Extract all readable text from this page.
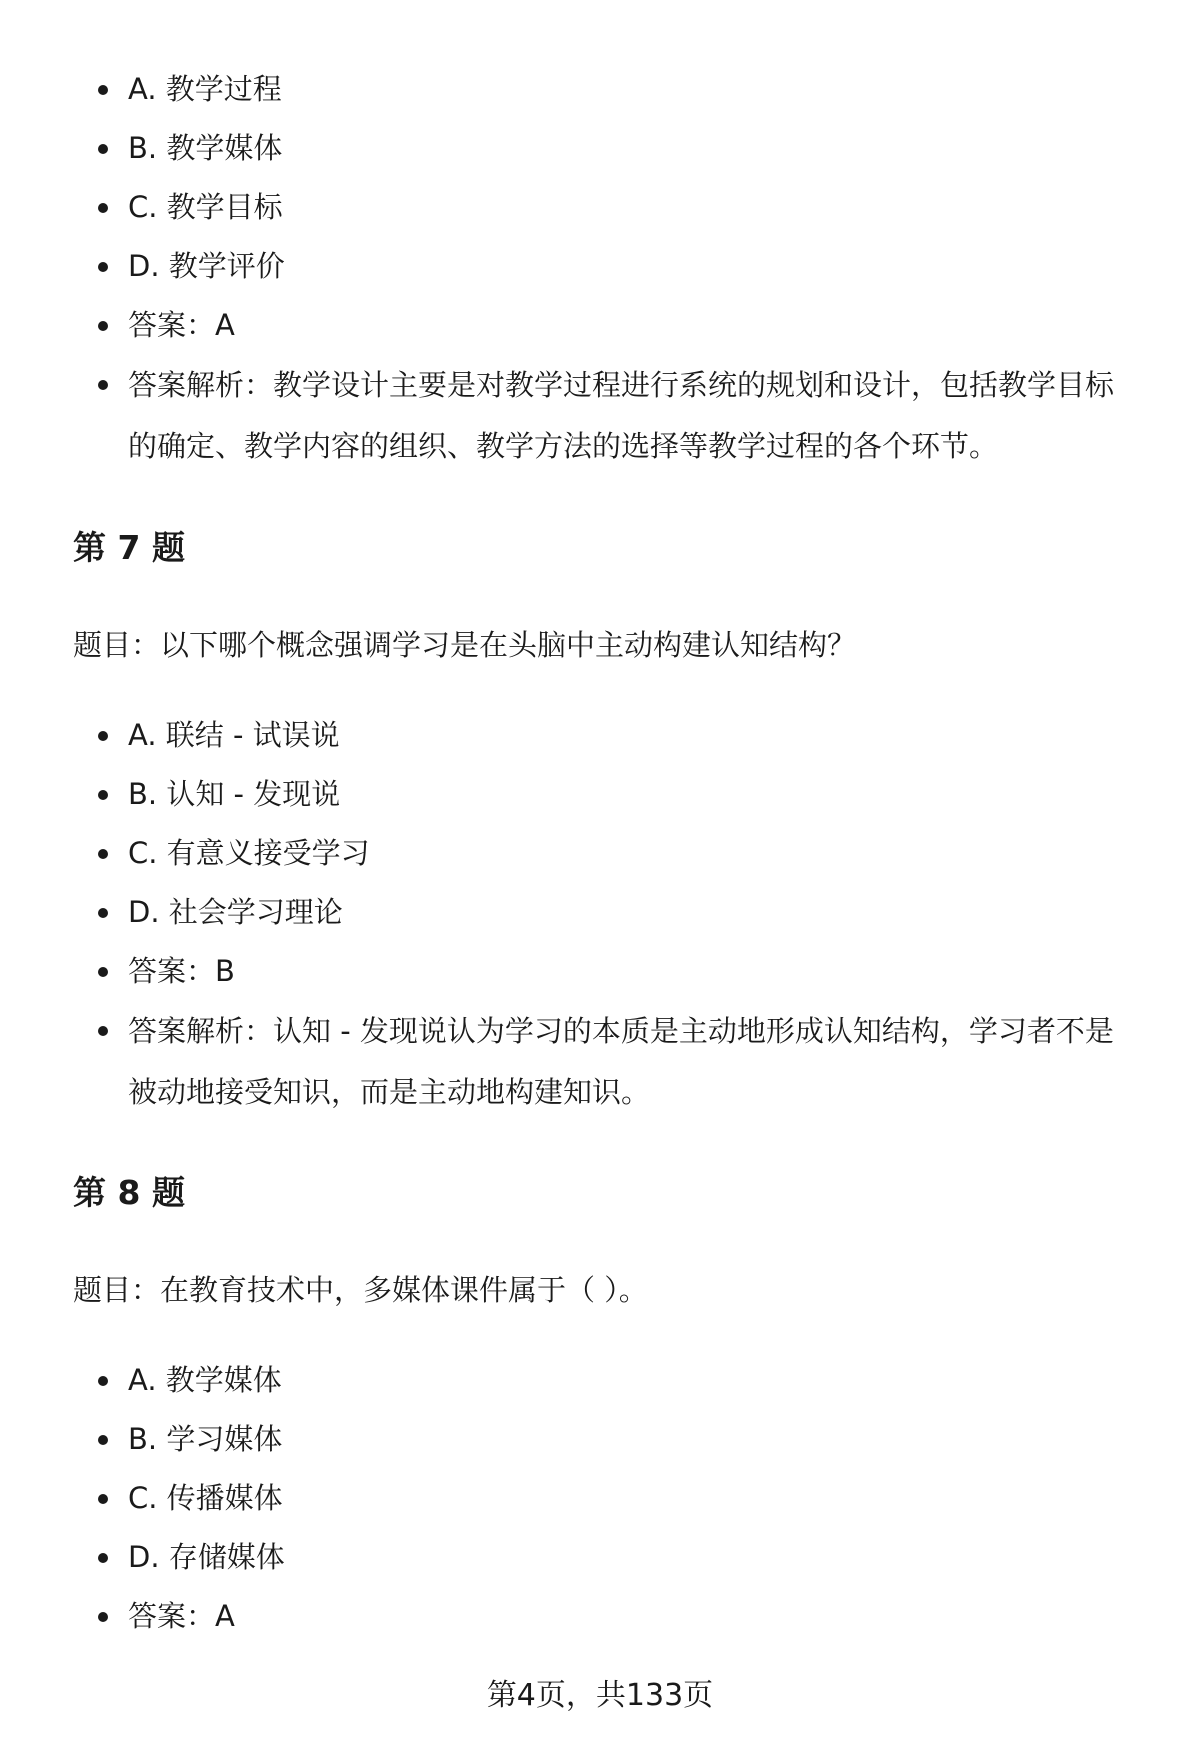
A. 教学过程
B. 教学媒体
C. 教学目标
D. 教学评价
答案：A
答案解析：教学设计主要是对教学过程进行系统的规划和设计，包括教学目标的确定、教学内容的组织、教学方法的选择等教学过程的各个环节。
第 7 题

题目：以下哪个概念强调学习是在头脑中主动构建认知结构？

A. 联结 - 试误说
B. 认知 - 发现说
C. 有意义接受学习
D. 社会学习理论
答案：B
答案解析：认知 - 发现说认为学习的本质是主动地形成认知结构，学习者不是被动地接受知识，而是主动地构建知识。
第 8 题

题目：在教育技术中，多媒体课件属于（ ）。

A. 教学媒体
B. 学习媒体
C. 传播媒体
D. 存储媒体
答案：A
第4页，共133页
